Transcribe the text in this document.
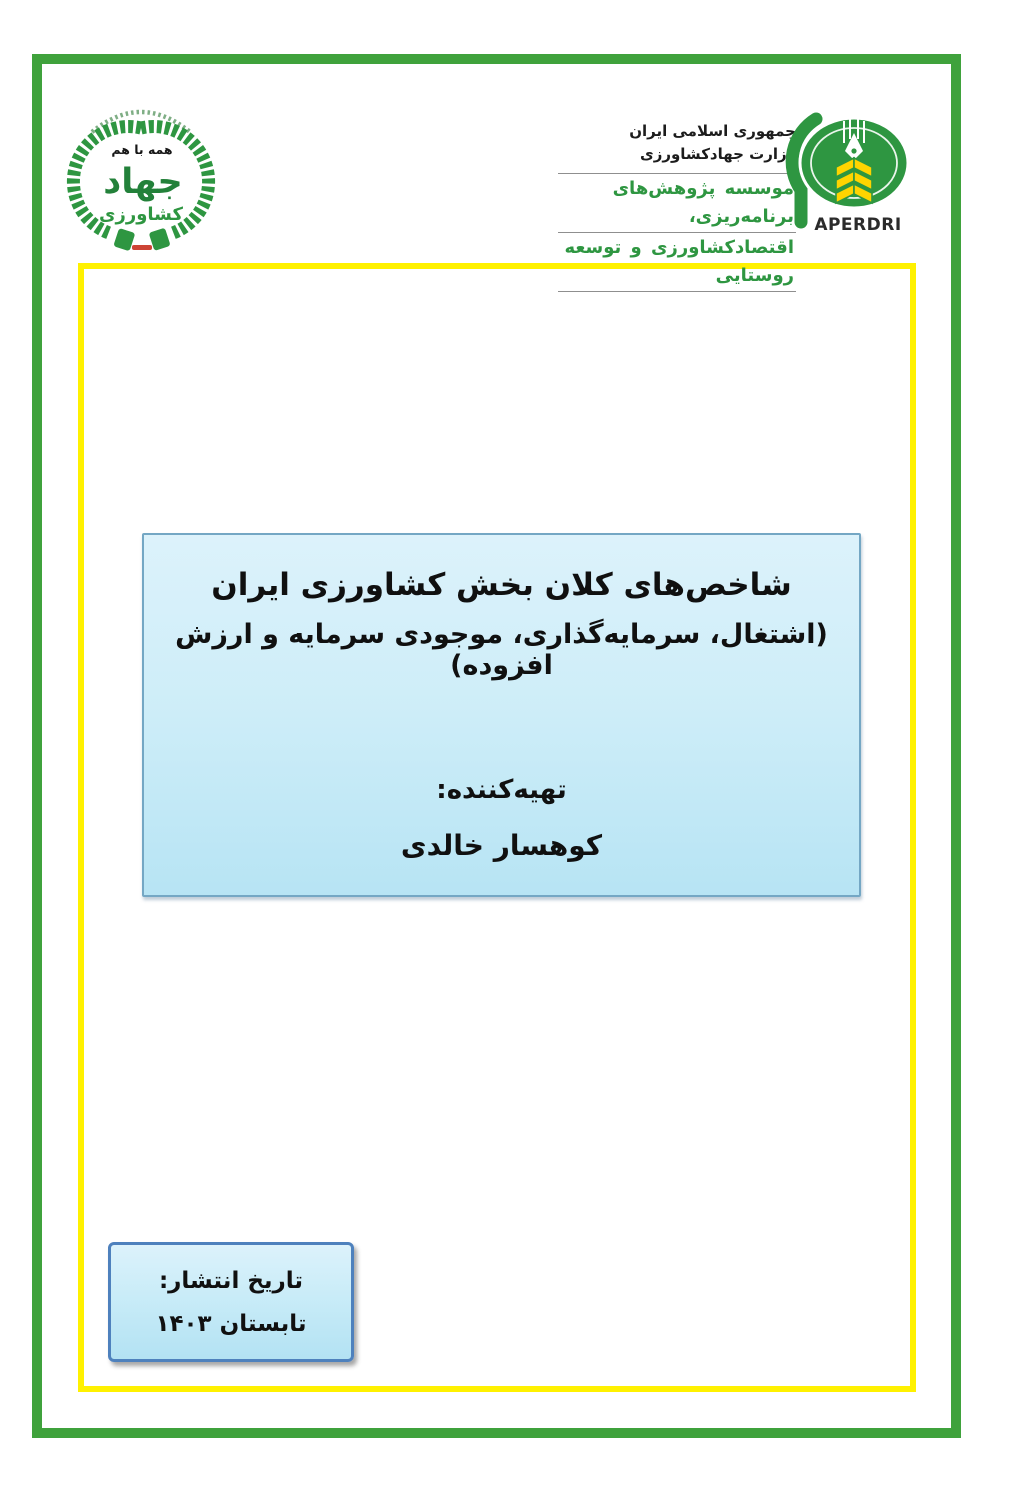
همه با هم
جهاد
کشاورزی
جمهوری اسلامی ایران
وزارت جهادکشاورزی
موسسه پژوهش‌های برنامه‌ریزی،
اقتصادکشاورزی و توسعه روستایی
APERDRI
شاخص‌های کلان بخش کشاورزی ایران
(اشتغال، سرمایه‌گذاری، موجودی سرمایه و ارزش افزوده)
تهیه‌کننده:
کوهسار خالدی
تاریخ انتشار:
تابستان ۱۴۰۳
